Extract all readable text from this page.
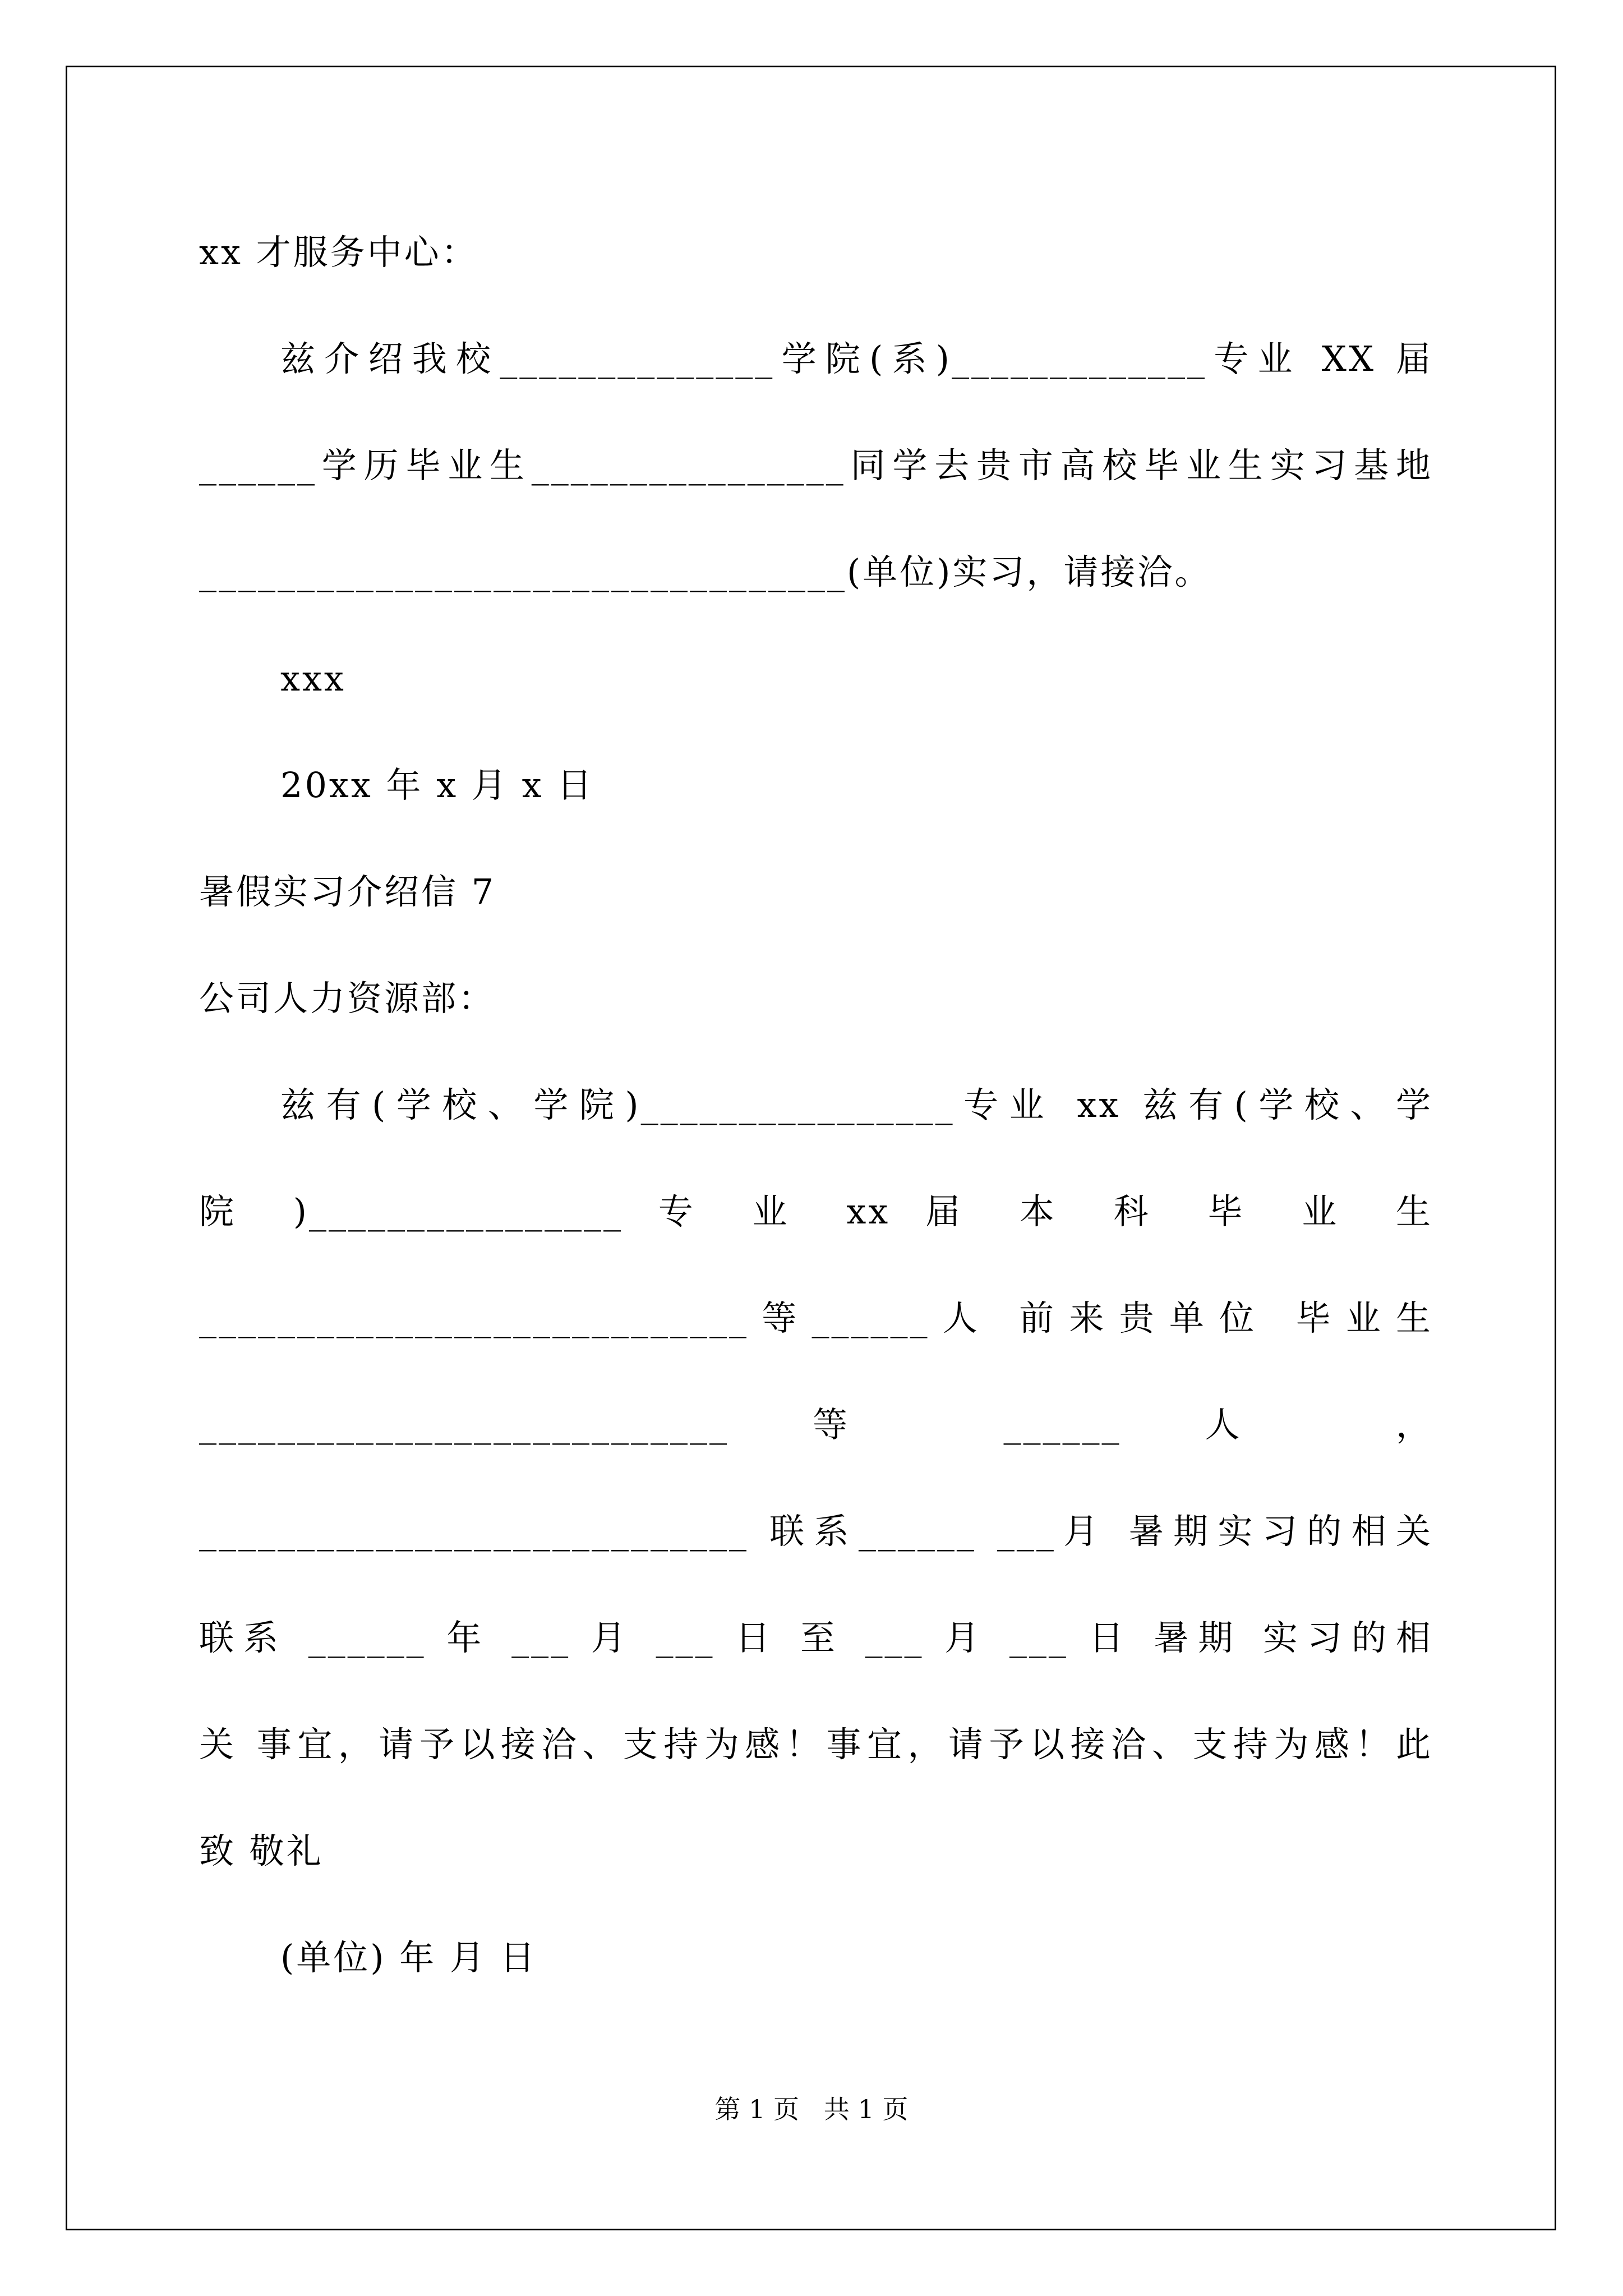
xx 才服务中心：
兹介绍我校______________学院(系)_____________专业 XX 届
______学历毕业生________________同学去贵市高校毕业生实习基地
_________________________________(单位)实习，请接洽。
xxx
20xx 年 x 月 x 日
暑假实习介绍信 7
公司人力资源部：
兹有(学校、学院)________________专业 xx 兹有(学校、学
院 )________________ 专 业 xx 届 本 科 毕 业 生
____________________________等______人 前来贵单位 毕业生
___________________________ 等 ______ 人 ，
____________________________ 联系______ ___月 暑期实习的相关
联系 ______ 年 ___ 月 ___ 日 至 ___ 月 ___ 日 暑期 实习的相
关 事宜，请予以接洽、支持为感！事宜，请予以接洽、支持为感！此
致 敬礼
(单位) 年 月 日
第 1 页   共 1 页
